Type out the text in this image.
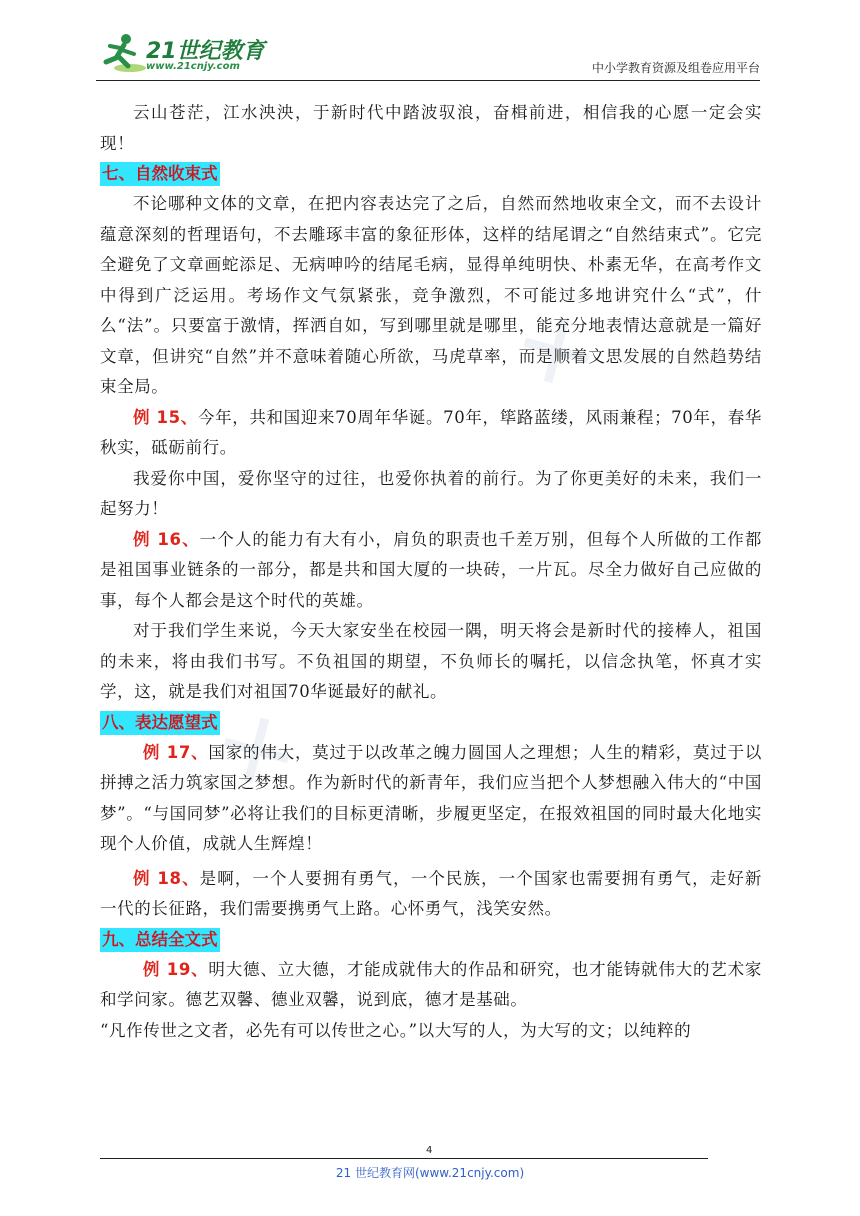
21世纪教育
www.21cnjy.com	中小学教育资源及组卷应用平台
✕
✕

云山苍茫，江水泱泱，于新时代中踏波驭浪，奋楫前进，相信我的心愿一定会实现！

七、自然收束式

不论哪种文体的文章，在把内容表达完了之后，自然而然地收束全文，而不去设计蕴意深刻的哲理语句，不去雕琢丰富的象征形体，这样的结尾谓之“自然结束式”。它完全避免了文章画蛇添足、无病呻吟的结尾毛病，显得单纯明快、朴素无华，在高考作文中得到广泛运用。考场作文气氛紧张，竞争激烈，不可能过多地讲究什么“式”，什么“法”。只要富于激情，挥洒自如，写到哪里就是哪里，能充分地表情达意就是一篇好文章，但讲究“自然”并不意味着随心所欲，马虎草率，而是顺着文思发展的自然趋势结束全局。

例 15、今年，共和国迎来70周年华诞。70年，筚路蓝缕，风雨兼程；70年，春华秋实，砥砺前行。

我爱你中国，爱你坚守的过往，也爱你执着的前行。为了你更美好的未来，我们一起努力！

例 16、一个人的能力有大有小，肩负的职责也千差万别，但每个人所做的工作都是祖国事业链条的一部分，都是共和国大厦的一块砖，一片瓦。尽全力做好自己应做的事，每个人都会是这个时代的英雄。

对于我们学生来说，今天大家安坐在校园一隅，明天将会是新时代的接棒人，祖国的未来，将由我们书写。不负祖国的期望，不负师长的嘱托，以信念执笔，怀真才实学，这，就是我们对祖国70华诞最好的献礼。

八、表达愿望式

例 17、国家的伟大，莫过于以改革之魄力圆国人之理想；人生的精彩，莫过于以拼搏之活力筑家国之梦想。作为新时代的新青年，我们应当把个人梦想融入伟大的“中国梦”。“与国同梦”必将让我们的目标更清晰，步履更坚定，在报效祖国的同时最大化地实现个人价值，成就人生辉煌！

例 18、是啊，一个人要拥有勇气，一个民族，一个国家也需要拥有勇气，走好新一代的长征路，我们需要携勇气上路。心怀勇气，浅笑安然。

九、总结全文式

例 19、明大德、立大德，才能成就伟大的作品和研究，也才能铸就伟大的艺术家和学问家。德艺双馨、德业双馨，说到底，德才是基础。

“凡作传世之文者，必先有可以传世之心。”以大写的人，为大写的文；以纯粹的

4
21 世纪教育网(www.21cnjy.com)
